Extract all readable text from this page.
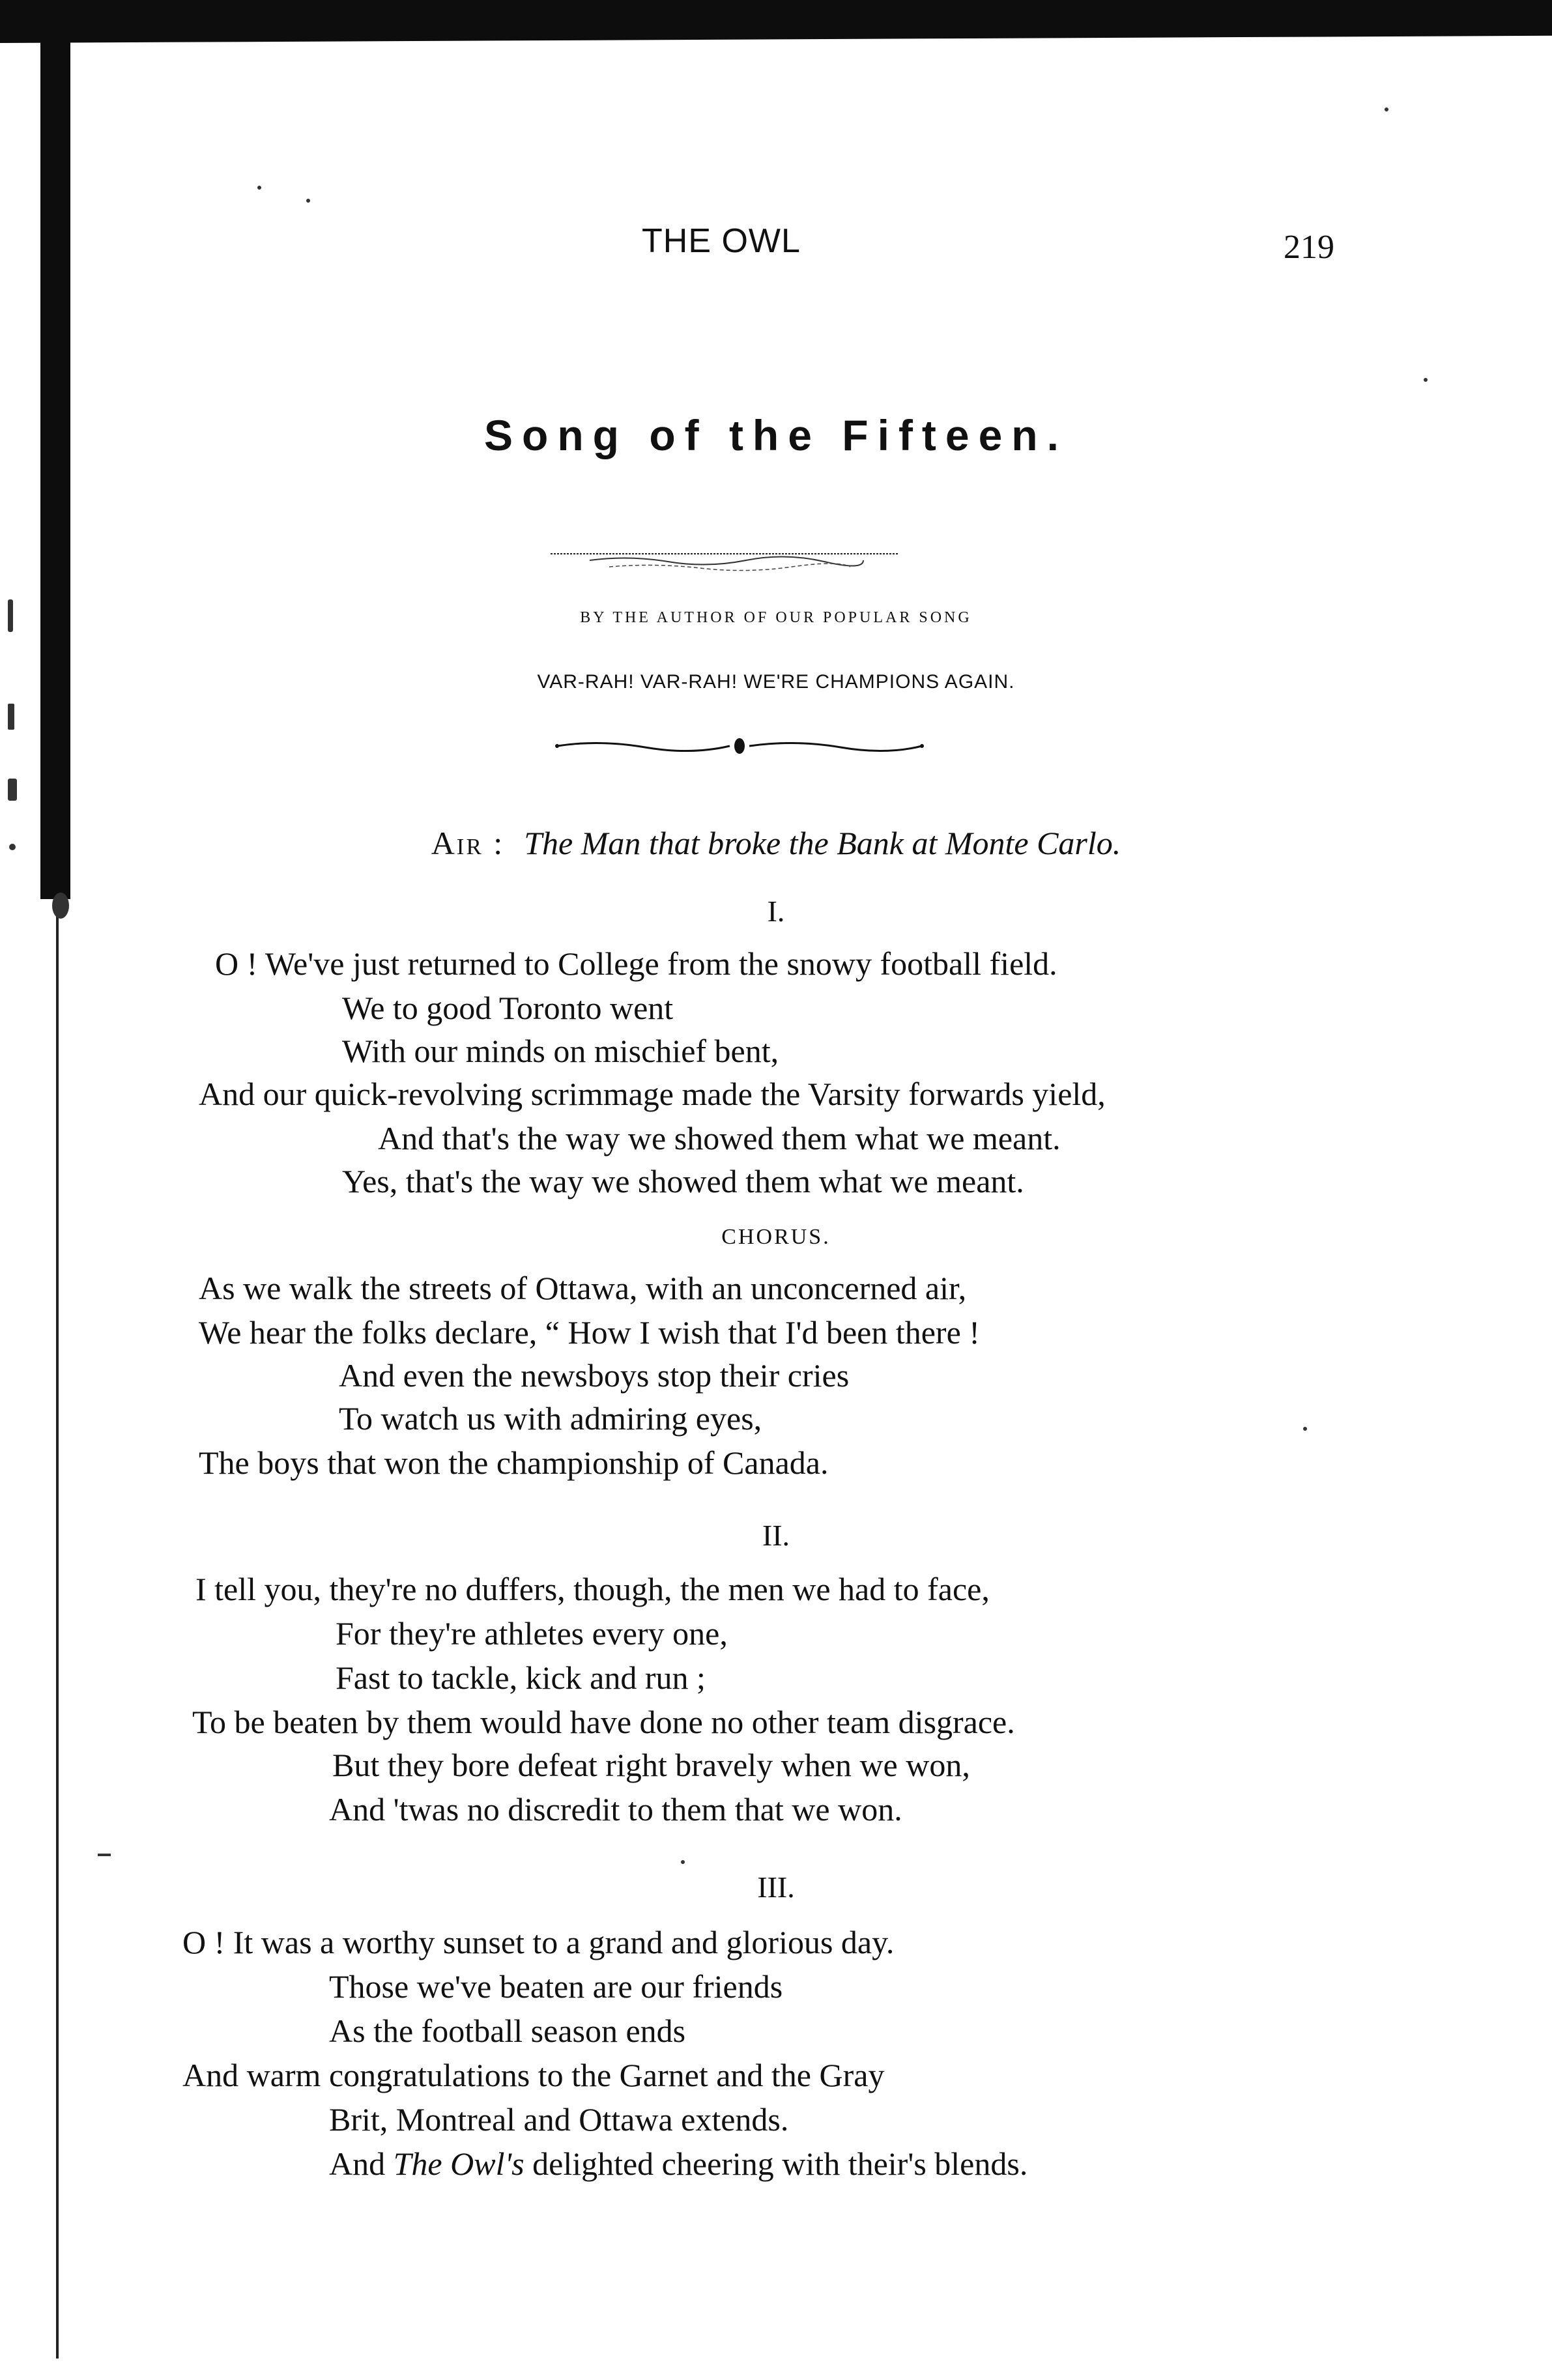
THE OWL	219
Song of the Fifteen.
BY THE AUTHOR OF OUR POPULAR SONG
VAR-RAH! VAR-RAH! WE'RE CHAMPIONS AGAIN.
Air : The Man that broke the Bank at Monte Carlo.
I.
O ! We've just returned to College from the snowy football field.
We to good Toronto went
With our minds on mischief bent,
And our quick-revolving scrimmage made the Varsity forwards yield,
And that's the way we showed them what we meant.
Yes, that's the way we showed them what we meant.
CHORUS.
As we walk the streets of Ottawa, with an unconcerned air,
We hear the folks declare, “ How I wish that I'd been there !
And even the newsboys stop their cries
To watch us with admiring eyes,
The boys that won the championship of Canada.
II.
I tell you, they're no duffers, though, the men we had to face,
For they're athletes every one,
Fast to tackle, kick and run ;
To be beaten by them would have done no other team disgrace.
But they bore defeat right bravely when we won,
And 'twas no discredit to them that we won.
III.
O ! It was a worthy sunset to a grand and glorious day.
Those we've beaten are our friends
As the football season ends
And warm congratulations to the Garnet and the Gray
Brit, Montreal and Ottawa extends.
And The Owl's delighted cheering with their's blends.
